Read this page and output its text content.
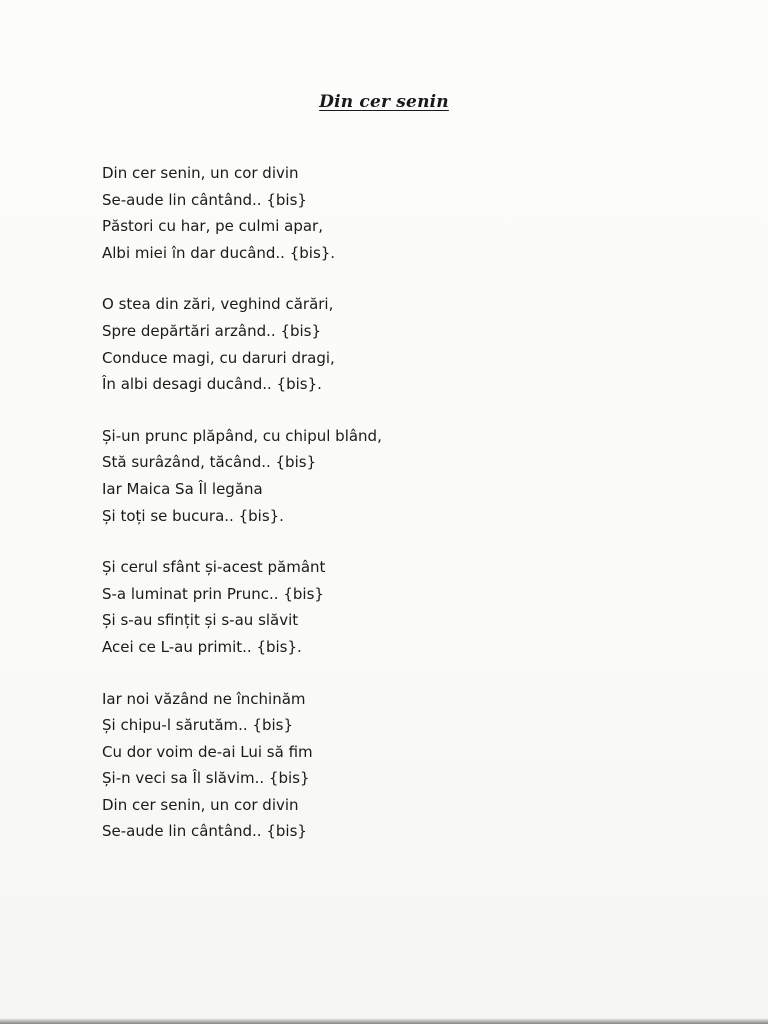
Din cer senin
Din cer senin, un cor divin
Se-aude lin cântând.. {bis}
Păstori cu har, pe culmi apar,
Albi miei în dar ducând.. {bis}.
O stea din zări, veghind cărări,
Spre depărtări arzând.. {bis}
Conduce magi, cu daruri dragi,
În albi desagi ducând.. {bis}.
Și-un prunc plăpând, cu chipul blând,
Stă surâzând, tăcând.. {bis}
Iar Maica Sa Îl legăna
Și toți se bucura.. {bis}.
Și cerul sfânt și-acest pământ
S-a luminat prin Prunc.. {bis}
Și s-au sfințit și s-au slăvit
Acei ce L-au primit.. {bis}.
Iar noi văzând ne închinăm
Și chipu-l sărutăm.. {bis}
Cu dor voim de-ai Lui să fim
Și-n veci sa Îl slăvim.. {bis}
Din cer senin, un cor divin
Se-aude lin cântând.. {bis}
